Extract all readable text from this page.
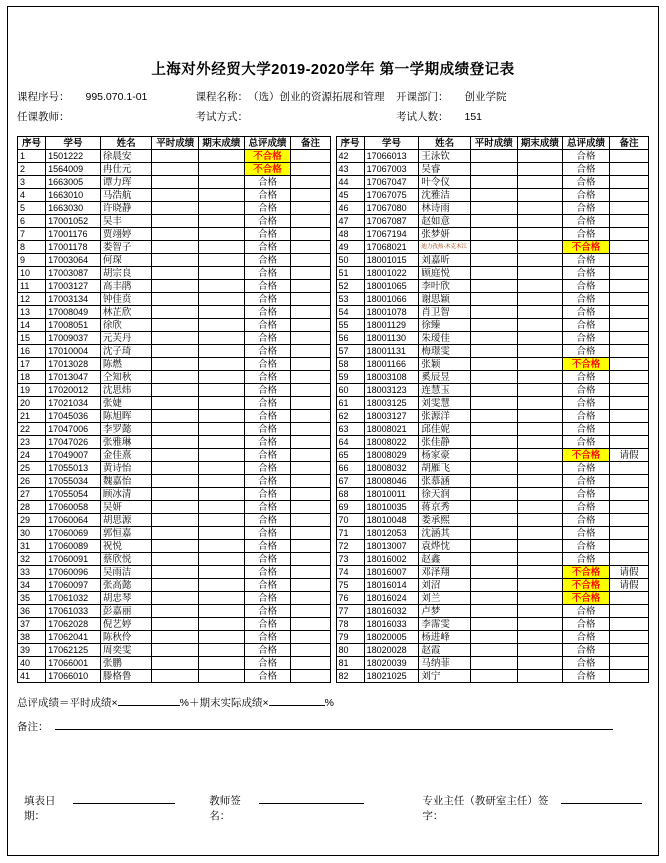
上海对外经贸大学2019-2020学年 第一学期成绩登记表
课程序号： 995.070.1-01	课程名称： （选）创业的资源拓展和管理	开课部门： 创业学院
任课教师：	考试方式：	考试人数： 151
序号	学号	姓名	平时成绩	期末成绩	总评成绩	备注
1	1501222	徐晨安			不合格	
2	1564009	冉仕元			不合格	
3	1663005	谭力珲			合格	
4	1663010	马浩航			合格	
5	1663030	许晓静			合格	
6	17001052	吴丰			合格	
7	17001176	贾翊婷			合格	
8	17001178	娄智子			合格	
9	17003064	何琛			合格	
10	17003087	胡宗良			合格	
11	17003127	高丰鹃			合格	
12	17003134	钟佳贲			合格	
13	17008049	林芷欣			合格	
14	17008051	徐欣			合格	
15	17009037	元芙丹			合格	
16	17010004	沈子琦			合格	
17	17013028	陈燃			合格	
18	17013047	仝知秋			合格	
19	17020012	沈思炜			合格	
20	17021034	张婕			合格	
21	17045036	陈旭晖			合格	
22	17047006	李罗懿			合格	
23	17047026	张雅琳			合格	
24	17049007	金佳熹			合格	
25	17055013	黄诗怡			合格	
26	17055034	魏嘉怡			合格	
27	17055054	顾冰清			合格	
28	17060058	吴妍			合格	
29	17060064	胡思源			合格	
30	17060069	郭恒嘉			合格	
31	17060089	祝悦			合格	
32	17060091	蔡欣悦			合格	
33	17060096	吴雨洁			合格	
34	17060097	张高懿			合格	
35	17061032	胡忠琴			合格	
36	17061033	彭嘉丽			合格	
37	17062028	倪艺婷			合格	
38	17062041	陈秋伶			合格	
39	17062125	周奕雯			合格	
40	17066001	张鹏			合格	
41	17066010	滕格鲁			合格	
序号	学号	姓名	平时成绩	期末成绩	总评成绩	备注
42	17066013	王泳钦			合格	
43	17067003	吴睿			合格	
44	17067047	叶令仪			合格	
45	17067075	沈雅洁			合格	
46	17067080	林诗雨			合格	
47	17067087	赵如意			合格	
48	17067194	张梦妍			合格	
49	17068021	迪力孜热·木克木江			不合格	
50	18001015	刘嘉昕			合格	
51	18001022	顾庭悦			合格	
52	18001065	李叶欣			合格	
53	18001066	谢思颖			合格	
54	18001078	肖卫智			合格	
55	18001129	徐臻			合格	
56	18001130	朱瑷佳			合格	
57	18001131	梅璟雯			合格	
58	18001166	张颖			不合格	
59	18003108	奚辰昱			合格	
60	18003123	连慧玉			合格	
61	18003125	刘雯慧			合格	
62	18003127	张源洋			合格	
63	18008021	邱佳妮			合格	
64	18008022	张佳静			合格	
65	18008029	杨家豪			不合格	请假
66	18008032	胡雁飞			合格	
67	18008046	张慕涵			合格	
68	18010011	徐天润			合格	
69	18010035	蒋京秀			合格	
70	18010048	娄承熙			合格	
71	18012053	沈涵其			合格	
72	18013007	袁烨忱			合格	
73	18016002	赵鑫			合格	
74	18016007	邓泽翔			不合格	请假
75	18016014	刘沼			不合格	请假
76	18016024	刘兰			不合格	
77	18016032	卢梦			合格	
78	18016033	李霈雯			合格	
79	18020005	杨进峰			合格	
80	18020028	赵霞			合格	
81	18020039	马纳菲			合格	
82	18021025	刘宁			合格	
总评成绩＝平时成绩×	%＋期末实际成绩×	%
备注：
填表日期：
教师签名：
专业主任（教研室主任）签字：
